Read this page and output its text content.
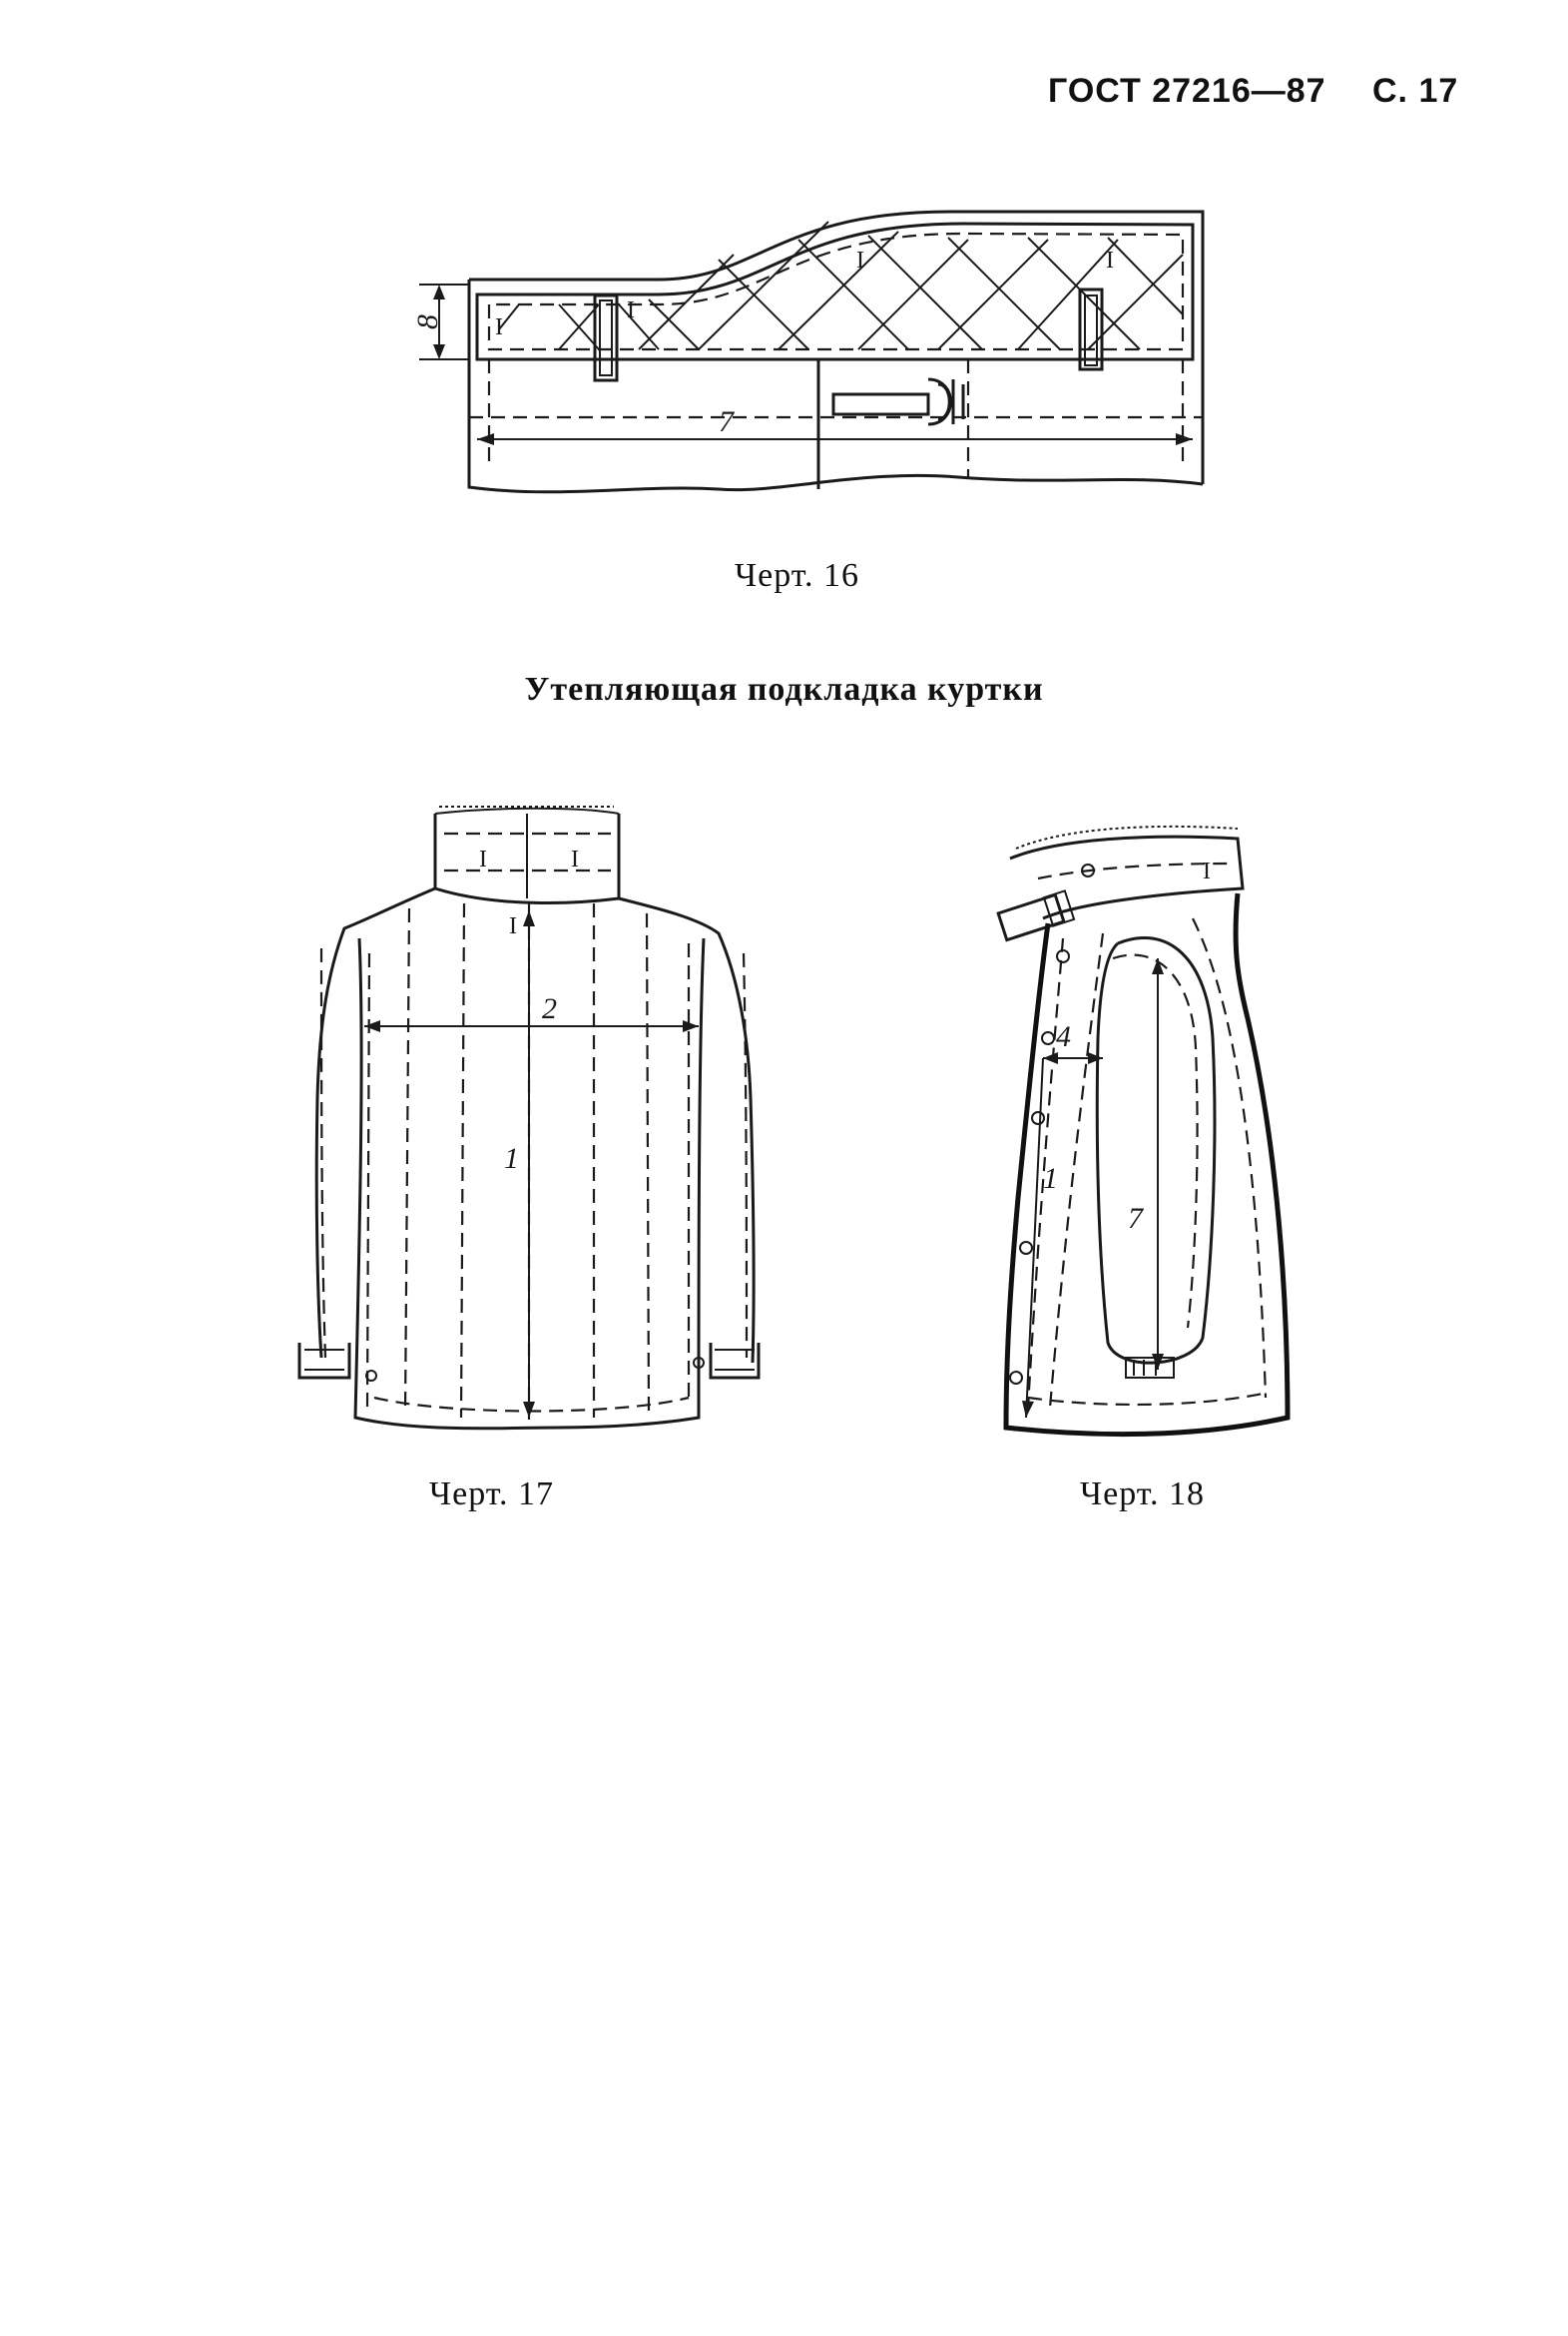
ГОСТ 27216—87 С. 17
8
7
I
I
I	I
Черт. 16
Утепляющая подкладка куртки
I	I
2
1
I
Черт. 17
I
4
1
7
Черт. 18
